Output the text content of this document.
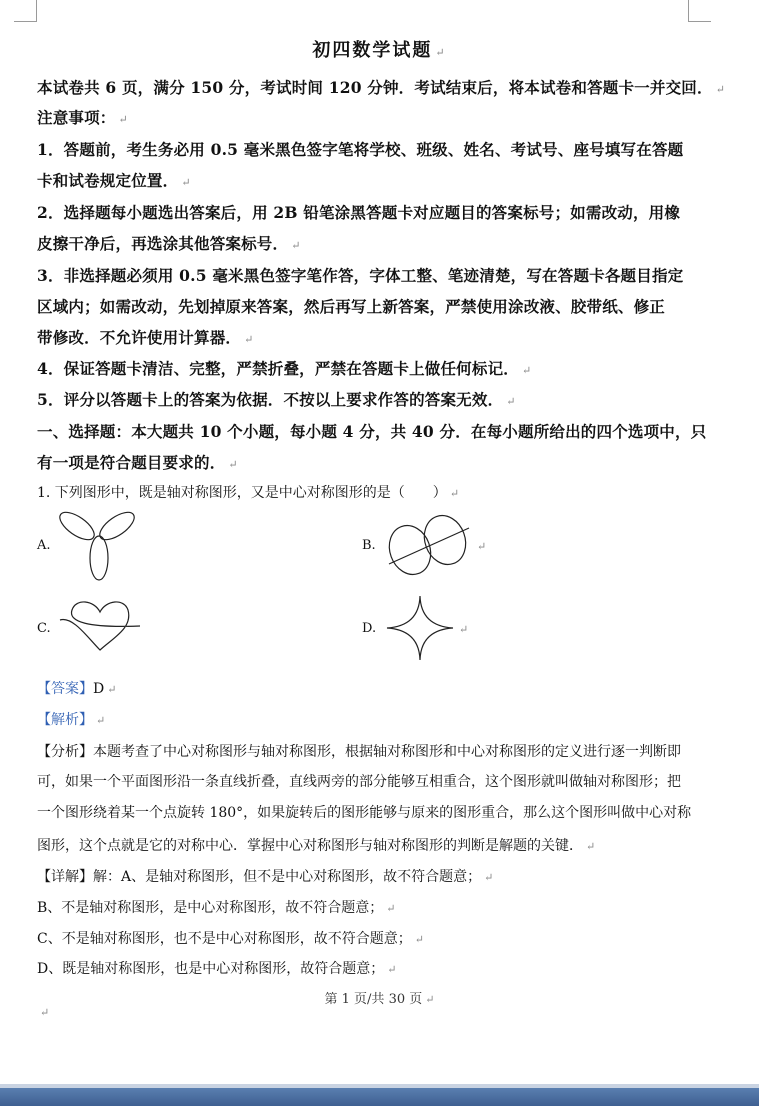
初四数学试题 ↵
本试卷共 6 页，满分 150 分，考试时间 120 分钟．考试结束后，将本试卷和答题卡一并交回． ↵
注意事项： ↵
1．答题前，考生务必用 0.5 毫米黑色签字笔将学校、班级、姓名、考试号、座号填写在答题
卡和试卷规定位置． ↵
2．选择题每小题选出答案后，用 2B 铅笔涂黑答题卡对应题目的答案标号；如需改动，用橡
皮擦干净后，再选涂其他答案标号． ↵
3．非选择题必须用 0.5 毫米黑色签字笔作答，字体工整、笔迹清楚，写在答题卡各题目指定
区域内；如需改动，先划掉原来答案，然后再写上新答案，严禁使用涂改液、胶带纸、修正
带修改．不允许使用计算器． ↵
4．保证答题卡清洁、完整，严禁折叠，严禁在答题卡上做任何标记． ↵
5．评分以答题卡上的答案为依据．不按以上要求作答的答案无效． ↵
一、选择题：本大题共 10 个小题，每小题 4 分，共 40 分．在每小题所给出的四个选项中，只
有一项是符合题目要求的． ↵
1. 下列图形中，既是轴对称图形，又是中心对称图形的是（　　） ↵
A.	B.	↵
C.	D.	↵
【答案】D ↵
【解析】 ↵
【分析】本题考查了中心对称图形与轴对称图形，根据轴对称图形和中心对称图形的定义进行逐一判断即
可，如果一个平面图形沿一条直线折叠，直线两旁的部分能够互相重合，这个图形就叫做轴对称图形；把
一个图形绕着某一个点旋转 180°，如果旋转后的图形能够与原来的图形重合，那么这个图形叫做中心对称
图形，这个点就是它的对称中心．掌握中心对称图形与轴对称图形的判断是解题的关键． ↵
【详解】解：A、是轴对称图形，但不是中心对称图形，故不符合题意； ↵
B、不是轴对称图形，是中心对称图形，故不符合题意； ↵
C、不是轴对称图形，也不是中心对称图形，故不符合题意； ↵
D、既是轴对称图形，也是中心对称图形，故符合题意； ↵
第 1 页/共 30 页 ↵
↵
